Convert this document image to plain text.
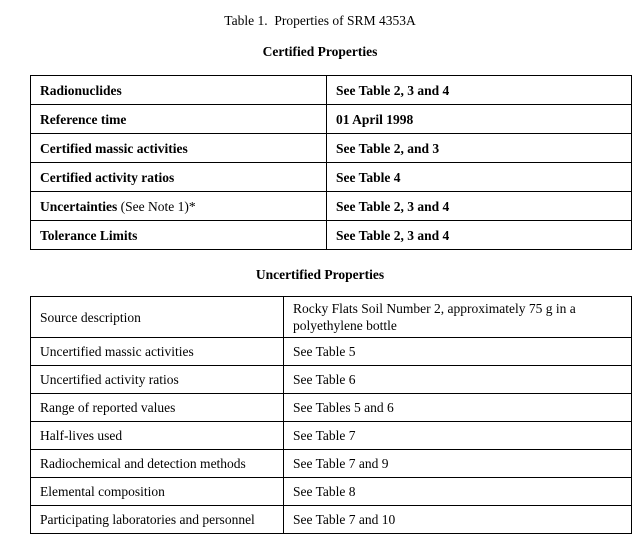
Table 1.  Properties of SRM 4353A
Certified Properties
Radionuclides	See Table 2, 3 and 4
Reference time	01 April 1998
Certified massic activities	See Table 2, and 3
Certified activity ratios	See Table 4
Uncertainties (See Note 1)*	See Table 2, 3 and 4
Tolerance Limits	See Table 2, 3 and 4
Uncertified Properties
Source description	Rocky Flats Soil Number 2, approximately 75 g in a polyethylene bottle
Uncertified massic activities	See Table 5
Uncertified activity ratios	See Table 6
Range of reported values	See Tables 5 and 6
Half-lives used	See Table 7
Radiochemical and detection methods	See Table 7 and 9
Elemental composition	See Table 8
Participating laboratories and personnel	See Table 7 and 10
